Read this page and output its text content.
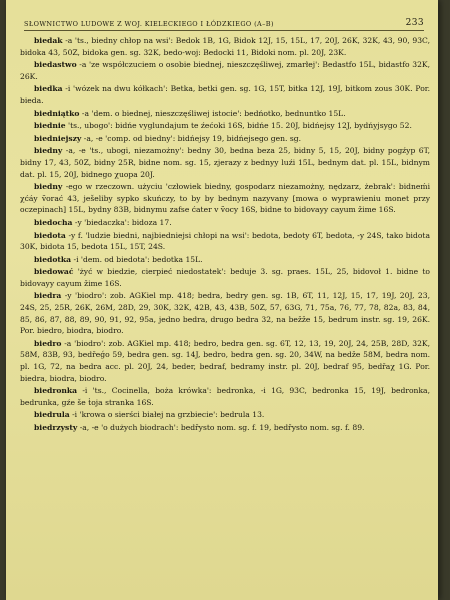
SŁOWNICTWO LUDOWE Z WOJ. KIELECKIEGO I ŁÓDZKIEGO (A–B)	233

biedak -a 'ts., biedny chłop na wsi': Bedok 1B, 1G, Bidok 12J, 15, 15L, 17, 20J, 26K, 32K, 43, 90, 93C, bidoka 43, 50Z, bidoka gen. sg. 32K, bedo-woj: Bedocki 11, Bidoki nom. pl. 20J, 23K.

biedastwo -a 'ze współczuciem o osobie biednej, nieszczęśliwej, zmarłej': Bedastfo 15L, bidastfo 32K, 26K.

biedka -i 'wózek na dwu kółkach': Betka, betki gen. sg. 1G, 15T, bitka 12J, 19J, bitkom zous 30K. Por. bieda.

biedniątko -a 'dem. o biednej, nieszczęśliwej istocie': bedńotko, bednuntko 15L.

biednie 'ts., ubogo': bidńe vyglundajum te źećoki 16S, bidńe 15. 20J, bidńejsy 12J, bydńyjsygo 52.

biedniejszy -a, -e 'comp. od biedny': bidńejsy 19, bidńejsego gen. sg.

biedny -a, -e 'ts., ubogi, niezamożny': bedny 30, bedna beza 25, bidny 5, 15, 20J, bidny pogźyp 6T, bidny 17, 43, 50Z, bidny 25R, bidne nom. sg. 15, zjerazy z bednyy luźi 15L, bednym dat. pl. 15L, bidnym dat. pl. 15, 20J, bidnego χuopa 20J.

biedny -ego w rzeczown. użyciu 'człowiek biedny, gospodarz niezamożny, nędzarz, żebrak': bidneḿi χćáy ṽorać 43, ješeliby sypko skuńczy, to by by bednym nazyvany [mowa o wyprawieniu monet przy oczepinach] 15L, bydny 83B, bidnymu zafse ćater v ṽocy 16S, bidne to bidovayy cayum žime 16S.

biedocha -y 'biedaczka': bidoza 17.

biedota -y f. 'ludzie biedni, najbiedniejsi chłopi na wsi': bedota, bedoty 6T, bedota, -y 24S, tako bidota 30K, bidota 15, bedota 15L, 15T, 24S.

biedotka -i 'dem. od biedota': bedotka 15L.

biedować 'żyć w biedzie, cierpieć niedostatek': beduje 3. sg. praes. 15L, 25, bidovoł 1. bidne to bidovayy cayum žime 16S.

biedra -y 'biodro': zob. AGKiel mp. 418; bedra, bedry gen. sg. 1B, 6T, 11, 12J, 15, 17, 19J, 20J, 23, 24S, 25, 25R, 26K, 26M, 28D, 29, 30K, 32K, 42B, 43, 43B, 50Z, 57, 63G, 71, 75a, 76, 77, 78, 82a, 83, 84, 85, 86, 87, 88, 89, 90, 91, 92, 95a, jedno bedra, drugo bedra 32, na bežže 15, bedrum instr. sg. 19, 26K. Por. biedro, biodra, biodro.

biedro -a 'biodro': zob. AGKiel mp. 418; bedro, bedra gen. sg. 6T, 12, 13, 19, 20J, 24, 25B, 28D, 32K, 58M, 83B, 93, bedřeǵo 59, bedra gen. sg. 14J, bedro, bedra gen. sg. 20, 34W, na bedže 58M, bedra nom. pl. 1G, 72, na bedra acc. pl. 20J, 24, beder, bedraf, bedramy instr. pl. 20J, bedraf 95, bedřaχ 1G. Por. biedra, biodra, biodro.

biedronka -i 'ts., Cocinella, boża krówka': bedronka, -i 1G, 93C, bedronka 15, 19J, bedronka, bedrunka, gźe še ṫoja stranka 16S.

biedrula -i 'krowa o sierści białej na grzbiecie': bedrula 13.

biedrzysty -a, -e 'o dużych biodrach': bedřysto nom. sg. f. 19, bedřysto nom. sg. f. 89.
